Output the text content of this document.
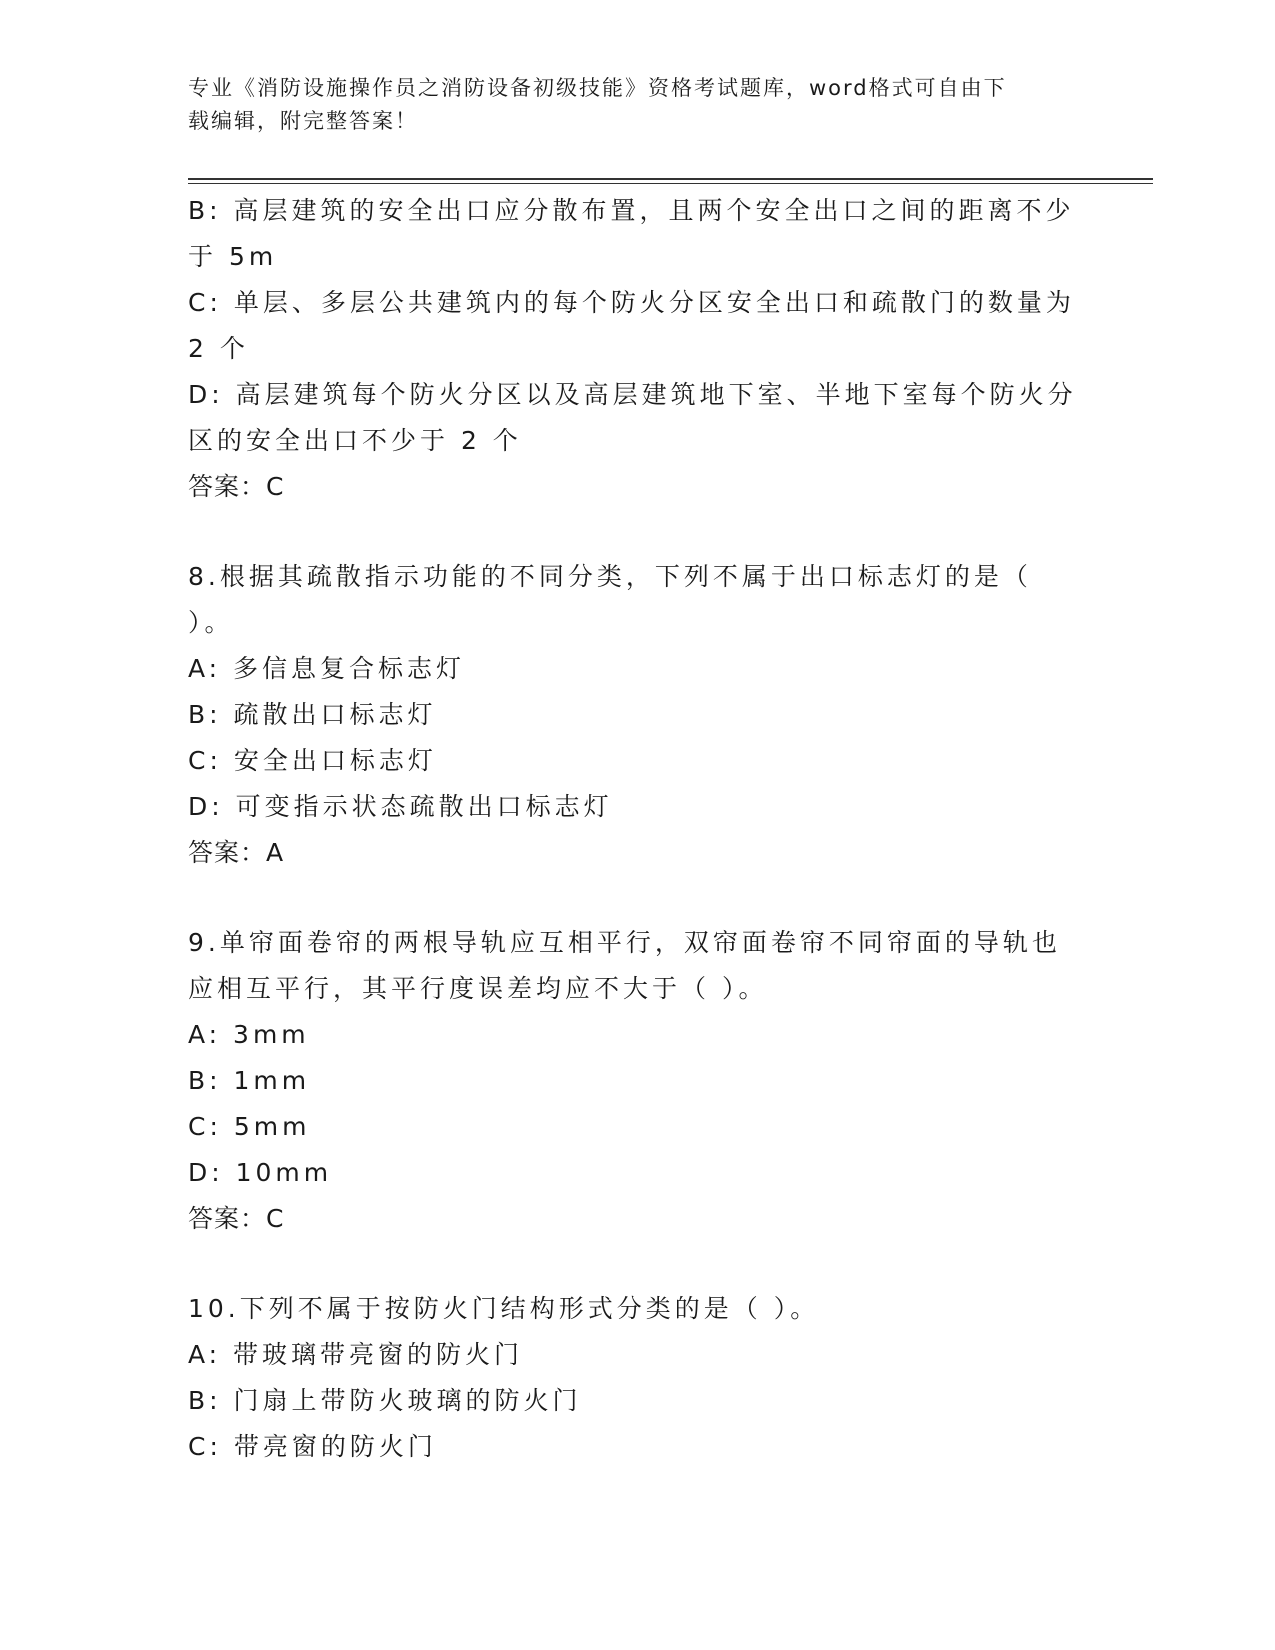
专业《消防设施操作员之消防设备初级技能》资格考试题库，word格式可自由下
载编辑，附完整答案！
B: 高层建筑的安全出口应分散布置，且两个安全出口之间的距离不少
于 5m
C: 单层、多层公共建筑内的每个防火分区安全出口和疏散门的数量为
2 个
D: 高层建筑每个防火分区以及高层建筑地下室、半地下室每个防火分
区的安全出口不少于 2 个
答案：C
8.根据其疏散指示功能的不同分类，下列不属于出口标志灯的是（
）。
A: 多信息复合标志灯
B: 疏散出口标志灯
C: 安全出口标志灯
D: 可变指示状态疏散出口标志灯
答案：A
9.单帘面卷帘的两根导轨应互相平行，双帘面卷帘不同帘面的导轨也
应相互平行，其平行度误差均应不大于（ ）。
A: 3mm
B: 1mm
C: 5mm
D: 10mm
答案：C
10.下列不属于按防火门结构形式分类的是（ ）。
A: 带玻璃带亮窗的防火门
B: 门扇上带防火玻璃的防火门
C: 带亮窗的防火门
